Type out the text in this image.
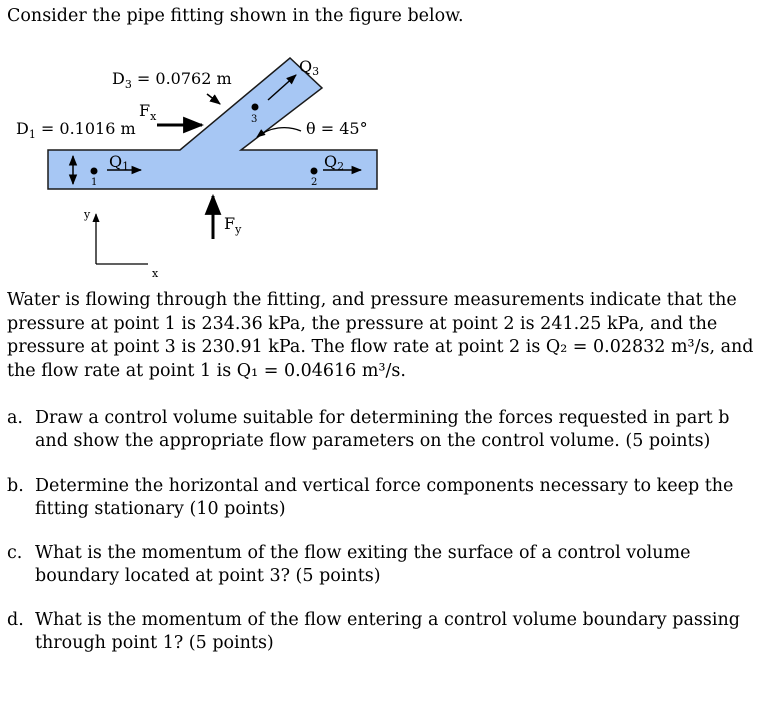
Consider the pipe fitting shown in the figure below.
$D_3 = 0.0762$ m
$F_x$
$D_1 = 0.1016$ m
1
Q1
2
Q2
3
Q3
θ = 45°
$F_y$
y
x
Water is flowing through the fitting, and pressure measurements indicate that the pressure at point 1 is 234.36 kPa, the pressure at point 2 is 241.25 kPa, and the pressure at point 3 is 230.91 kPa. The flow rate at point 2 is Q₂ = 0.02832 m³/s, and the flow rate at point 1 is Q₁ = 0.04616 m³/s.
a. Draw a control volume suitable for determining the forces requested in part b and show the appropriate flow parameters on the control volume. (5 points)
b. Determine the horizontal and vertical force components necessary to keep the fitting stationary (10 points)
c. What is the momentum of the flow exiting the surface of a control volume boundary located at point 3? (5 points)
d. What is the momentum of the flow entering a control volume boundary passing through point 1? (5 points)
